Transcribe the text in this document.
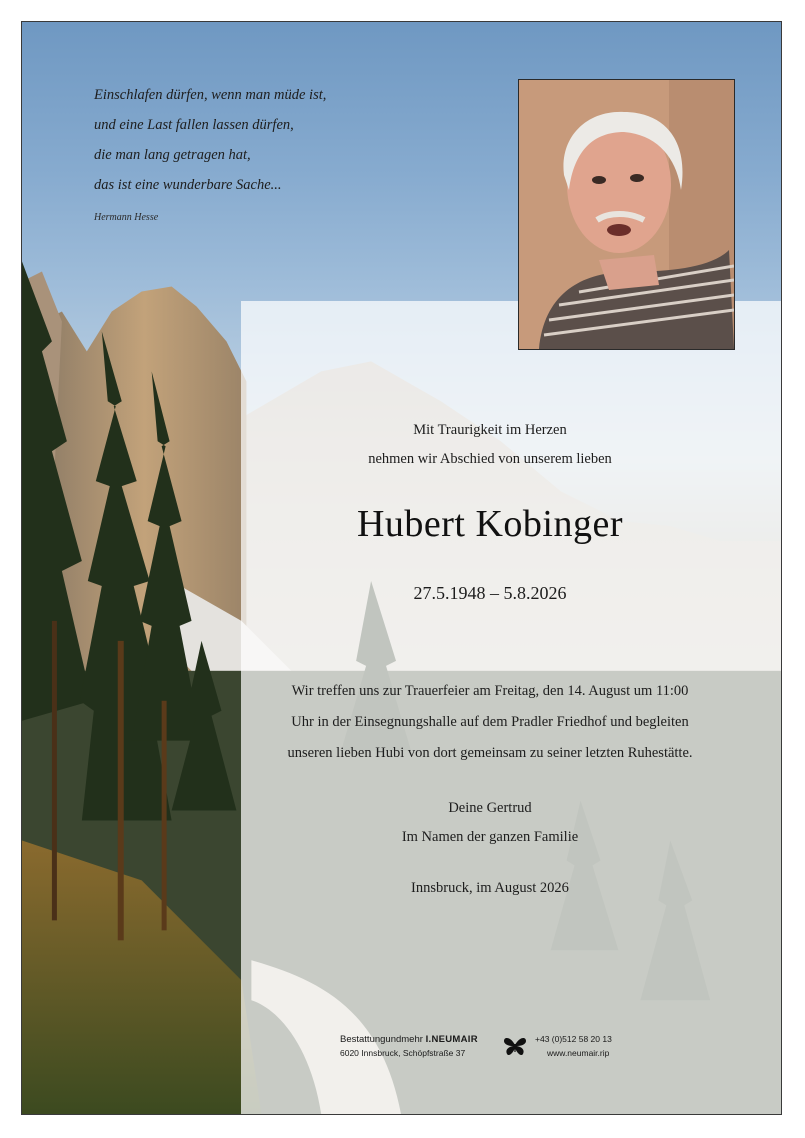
Einschlafen dürfen, wenn man müde ist,
und eine Last fallen lassen dürfen,
die man lang getragen hat,
das ist eine wunderbare Sache...
Hermann Hesse
Mit Traurigkeit im Herzen
nehmen wir Abschied von unserem lieben
Hubert Kobinger
27.5.1948 – 5.8.2026
Wir treffen uns zur Trauerfeier am Freitag, den 14. August um 11:00
Uhr in der Einsegnungshalle auf dem Pradler Friedhof und begleiten
unseren lieben Hubi von dort gemeinsam zu seiner letzten Ruhestätte.
Deine Gertrud
Im Namen der ganzen Familie
Innsbruck, im August 2026
Bestattungundmehr I.NEUMAIR
6020 Innsbruck, Schöpfstraße 37
+43 (0)512 58 20 13
www.neumair.rip
